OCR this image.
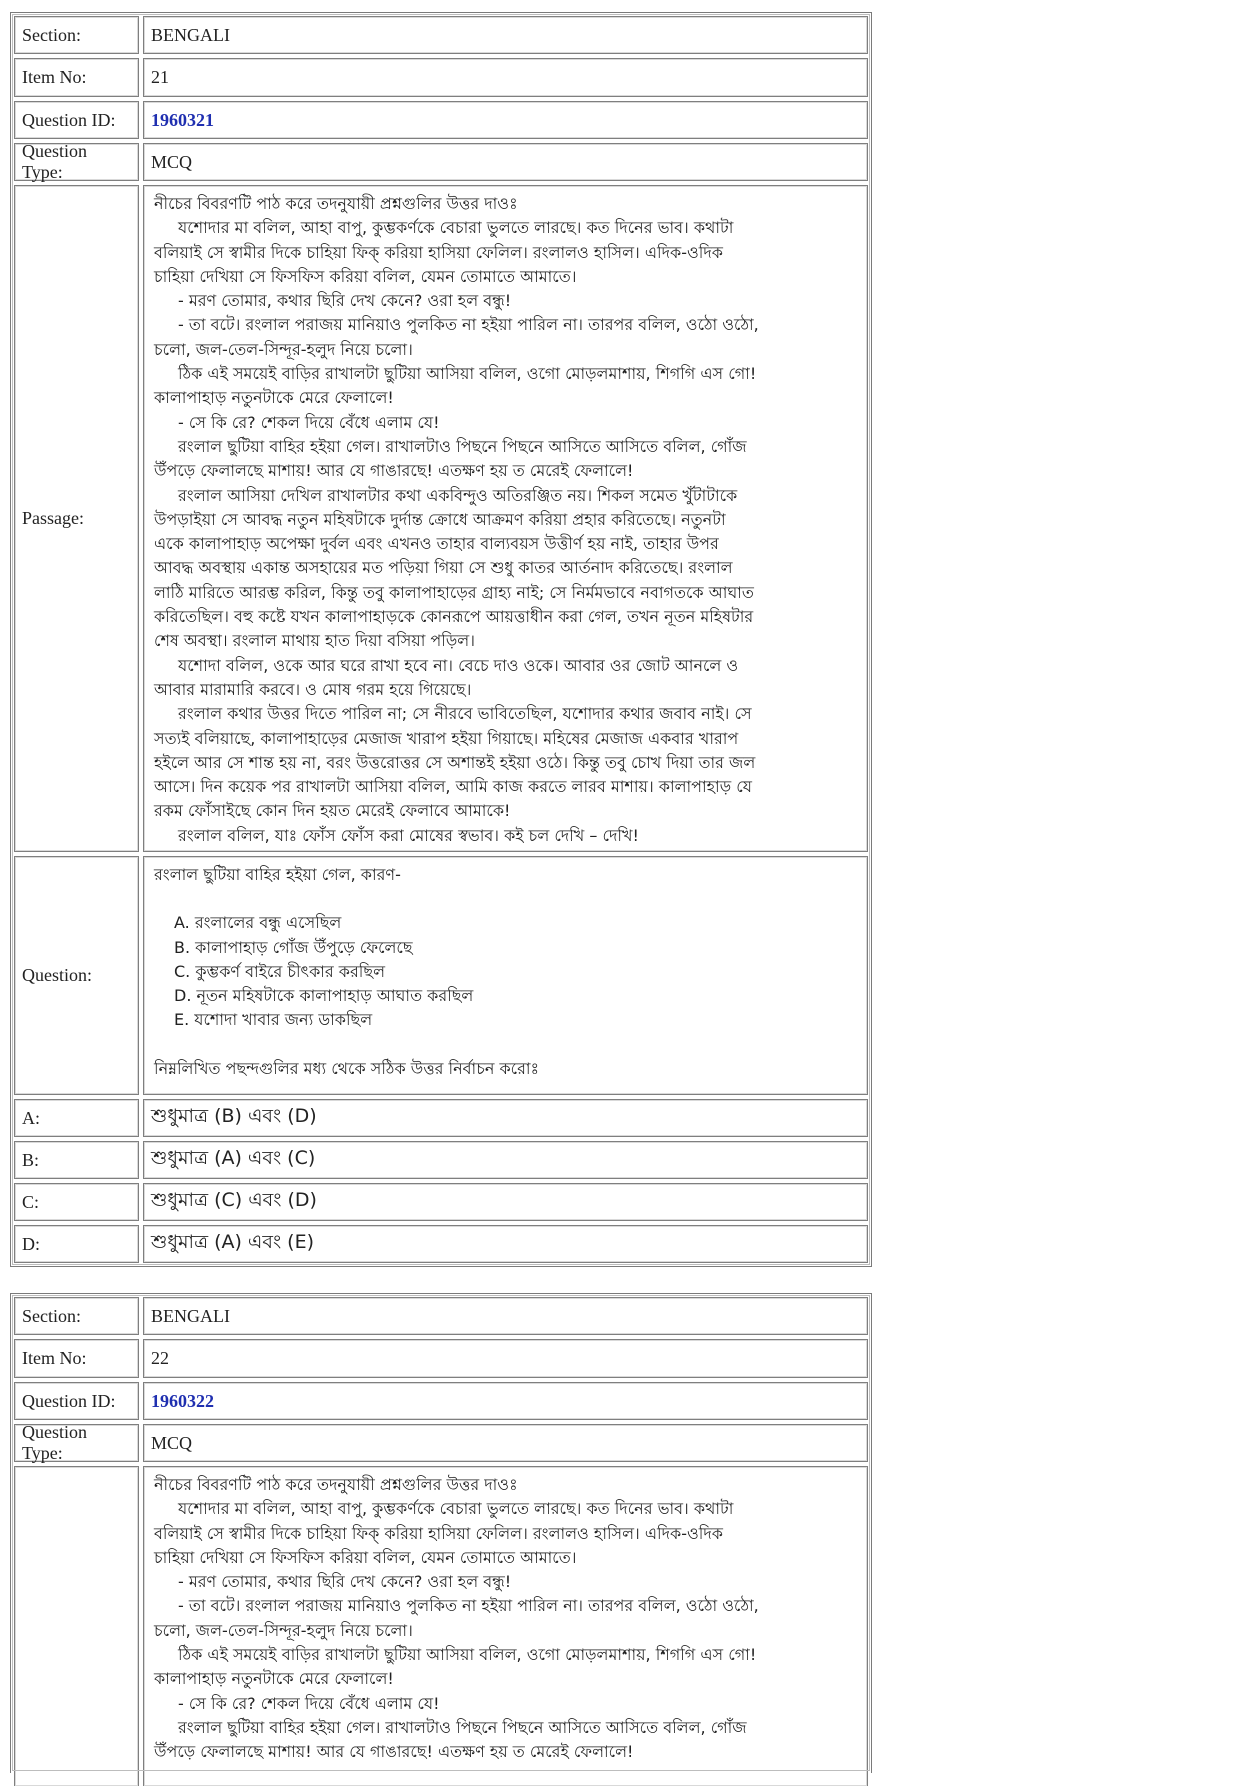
Section:	BENGALI
Item No:	21
Question ID:	1960321
Question Type:
MCQ
Passage:
নীচের বিবরণটি পাঠ করে তদনুযায়ী প্রশ্নগুলির উত্তর দাওঃ
যশোদার মা বলিল, আহা বাপু, কুম্ভকর্ণকে বেচারা ভুলতে লারছে। কত দিনের ভাব। কথাটা
বলিয়াই সে স্বামীর দিকে চাহিয়া ফিক্ করিয়া হাসিয়া ফেলিল। রংলালও হাসিল। এদিক-ওদিক
চাহিয়া দেখিয়া সে ফিসফিস করিয়া বলিল, যেমন তোমাতে আমাতে।
- মরণ তোমার, কথার ছিরি দেখ কেনে? ওরা হল বন্ধু!
- তা বটে। রংলাল পরাজয় মানিয়াও পুলকিত না হইয়া পারিল না। তারপর বলিল, ওঠো ওঠো,
চলো, জল-তেল-সিন্দূর-হলুদ নিয়ে চলো।
ঠিক এই সময়েই বাড়ির রাখালটা ছুটিয়া আসিয়া বলিল, ওগো মোড়লমাশায়, শিগগি এস গো!
কালাপাহাড় নতুনটাকে মেরে ফেলালে!
- সে কি রে? শেকল দিয়ে বেঁধে এলাম যে!
রংলাল ছুটিয়া বাহির হইয়া গেল। রাখালটাও পিছনে পিছনে আসিতে আসিতে বলিল, গোঁজ
উঁপড়ে ফেলালছে মাশায়! আর যে গাঙারছে! এতক্ষণ হয় ত মেরেই ফেলালে!
রংলাল আসিয়া দেখিল রাখালটার কথা একবিন্দুও অতিরঞ্জিত নয়। শিকল সমেত খুঁটাটাকে
উপড়াইয়া সে আবদ্ধ নতুন মহিষটাকে দুর্দান্ত ক্রোধে আক্রমণ করিয়া প্রহার করিতেছে। নতুনটা
একে কালাপাহাড় অপেক্ষা দুর্বল এবং এখনও তাহার বাল্যবয়স উত্তীর্ণ হয় নাই, তাহার উপর
আবদ্ধ অবস্থায় একান্ত অসহায়ের মত পড়িয়া গিয়া সে শুধু কাতর আর্তনাদ করিতেছে। রংলাল
লাঠি মারিতে আরম্ভ করিল, কিন্তু তবু কালাপাহাড়ের গ্রাহ্য নাই; সে নির্মমভাবে নবাগতকে আঘাত
করিতেছিল। বহু কষ্টে যখন কালাপাহাড়কে কোনরূপে আয়ত্তাধীন করা গেল, তখন নূতন মহিষটার
শেষ অবস্থা। রংলাল মাথায় হাত দিয়া বসিয়া পড়িল।
যশোদা বলিল, ওকে আর ঘরে রাখা হবে না। বেচে দাও ওকে। আবার ওর জোট আনলে ও
আবার মারামারি করবে। ও মোষ গরম হয়ে গিয়েছে।
রংলাল কথার উত্তর দিতে পারিল না; সে নীরবে ভাবিতেছিল, যশোদার কথার জবাব নাই। সে
সত্যই বলিয়াছে, কালাপাহাড়ের মেজাজ খারাপ হইয়া গিয়াছে। মহিষের মেজাজ একবার খারাপ
হইলে আর সে শান্ত হয় না, বরং উত্তরোত্তর সে অশান্তই হইয়া ওঠে। কিন্তু তবু চোখ দিয়া তার জল
আসে। দিন কয়েক পর রাখালটা আসিয়া বলিল, আমি কাজ করতে লারব মাশায়। কালাপাহাড় যে
রকম ফোঁসাইছে কোন দিন হয়ত মেরেই ফেলাবে আমাকে!
রংলাল বলিল, যাঃ ফোঁস ফোঁস করা মোষের স্বভাব। কই চল দেখি – দেখি!
Question:
রংলাল ছুটিয়া বাহির হইয়া গেল, কারণ-
A. রংলালের বন্ধু এসেছিল
B. কালাপাহাড় গোঁজ উঁপুড়ে ফেলেছে
C. কুম্ভকর্ণ বাইরে চীৎকার করছিল
D. নূতন মহিষটাকে কালাপাহাড় আঘাত করছিল
E. যশোদা খাবার জন্য ডাকছিল
নিম্নলিখিত পছন্দগুলির মধ্য থেকে সঠিক উত্তর নির্বাচন করোঃ
A:	শুধুমাত্র (B) এবং (D)
B:	শুধুমাত্র (A) এবং (C)
C:	শুধুমাত্র (C) এবং (D)
D:	শুধুমাত্র (A) এবং (E)
Section:	BENGALI
Item No:	22
Question ID:	1960322
Question Type:
MCQ
নীচের বিবরণটি পাঠ করে তদনুযায়ী প্রশ্নগুলির উত্তর দাওঃ
যশোদার মা বলিল, আহা বাপু, কুম্ভকর্ণকে বেচারা ভুলতে লারছে। কত দিনের ভাব। কথাটা
বলিয়াই সে স্বামীর দিকে চাহিয়া ফিক্ করিয়া হাসিয়া ফেলিল। রংলালও হাসিল। এদিক-ওদিক
চাহিয়া দেখিয়া সে ফিসফিস করিয়া বলিল, যেমন তোমাতে আমাতে।
- মরণ তোমার, কথার ছিরি দেখ কেনে? ওরা হল বন্ধু!
- তা বটে। রংলাল পরাজয় মানিয়াও পুলকিত না হইয়া পারিল না। তারপর বলিল, ওঠো ওঠো,
চলো, জল-তেল-সিন্দূর-হলুদ নিয়ে চলো।
ঠিক এই সময়েই বাড়ির রাখালটা ছুটিয়া আসিয়া বলিল, ওগো মোড়লমাশায়, শিগগি এস গো!
কালাপাহাড় নতুনটাকে মেরে ফেলালে!
- সে কি রে? শেকল দিয়ে বেঁধে এলাম যে!
রংলাল ছুটিয়া বাহির হইয়া গেল। রাখালটাও পিছনে পিছনে আসিতে আসিতে বলিল, গোঁজ
উঁপড়ে ফেলালছে মাশায়! আর যে গাঙারছে! এতক্ষণ হয় ত মেরেই ফেলালে!
